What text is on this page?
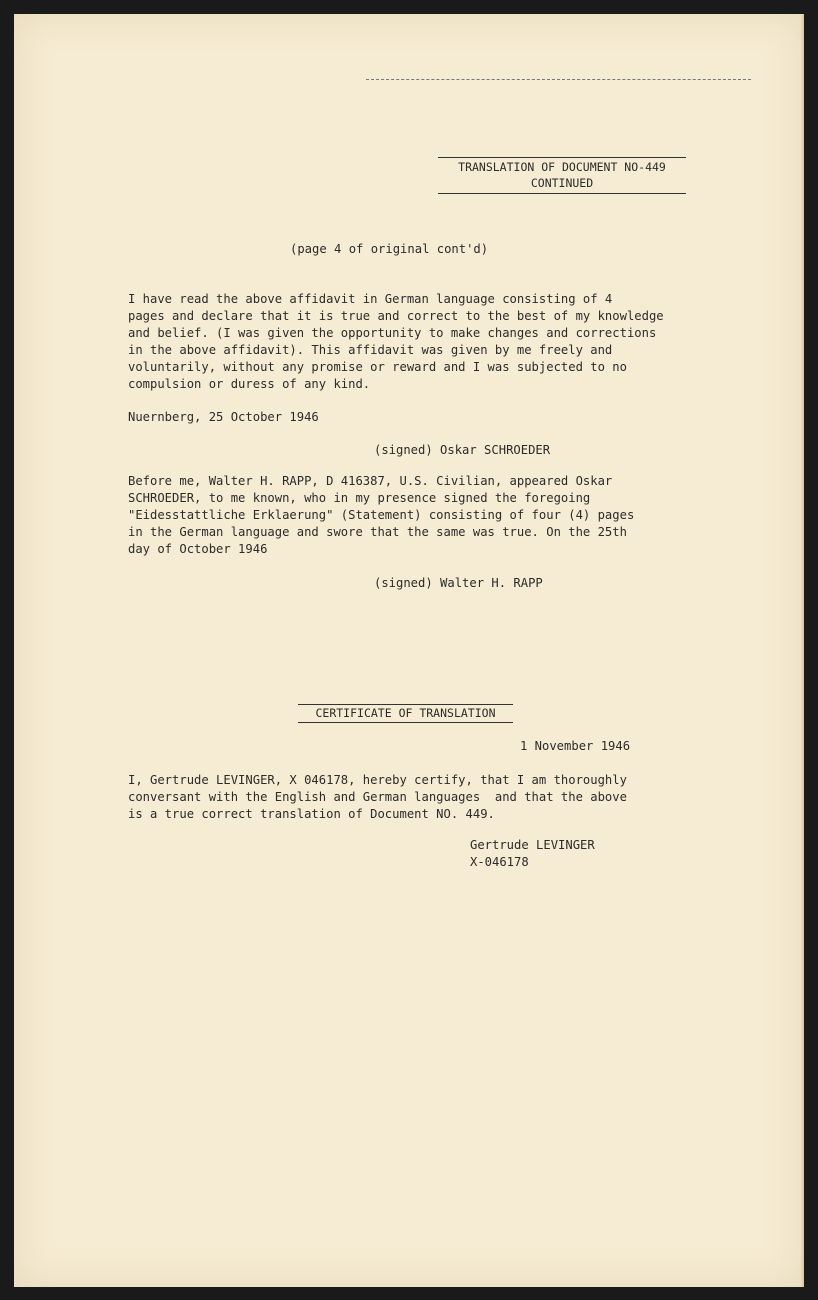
TRANSLATION OF DOCUMENT NO-449
CONTINUED
(page 4 of original cont'd)
I have read the above affidavit in German language consisting of 4
pages and declare that it is true and correct to the best of my knowledge
and belief. (I was given the opportunity to make changes and corrections
in the above affidavit). This affidavit was given by me freely and
voluntarily, without any promise or reward and I was subjected to no
compulsion or duress of any kind.
Nuernberg, 25 October 1946
(signed) Oskar SCHROEDER
Before me, Walter H. RAPP, D 416387, U.S. Civilian, appeared Oskar
SCHROEDER, to me known, who in my presence signed the foregoing
"Eidesstattliche Erklaerung" (Statement) consisting of four (4) pages
in the German language and swore that the same was true. On the 25th
day of October 1946
(signed) Walter H. RAPP
CERTIFICATE OF TRANSLATION
1 November 1946
I, Gertrude LEVINGER, X 046178, hereby certify, that I am thoroughly
conversant with the English and German languages  and that the above
is a true correct translation of Document NO. 449.
Gertrude LEVINGER
X-046178
